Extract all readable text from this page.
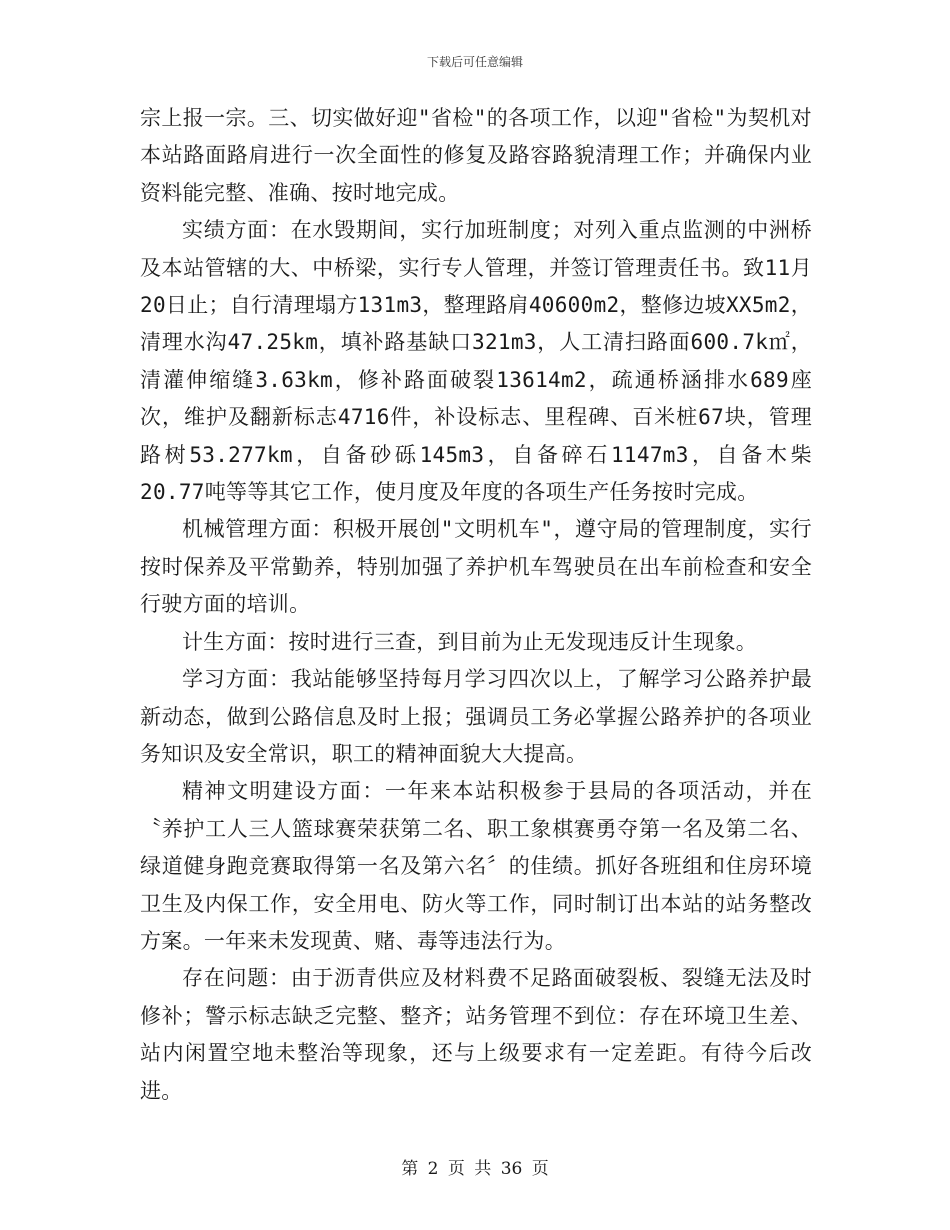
下载后可任意编辑

宗上报一宗。三、切实做好迎"省检"的各项工作，以迎"省检"为契机对本站路面路肩进行一次全面性的修复及路容路貌清理工作；并确保内业资料能完整、准确、按时地完成。

实绩方面：在水毁期间，实行加班制度；对列入重点监测的中洲桥及本站管辖的大、中桥梁，实行专人管理，并签订管理责任书。致11月20日止；自行清理塌方131m3，整理路肩40600m2，整修边坡XX5m2，清理水沟47.25km，填补路基缺口321m3，人工清扫路面600.7k㎡，清灌伸缩缝3.63km，修补路面破裂13614m2，疏通桥涵排水689座次，维护及翻新标志4716件，补设标志、里程碑、百米桩67块，管理路树53.277km，自备砂砾145m3，自备碎石1147m3，自备木柴20.77吨等等其它工作，使月度及年度的各项生产任务按时完成。

机械管理方面：积极开展创"文明机车"，遵守局的管理制度，实行按时保养及平常勤养，特别加强了养护机车驾驶员在出车前检查和安全行驶方面的培训。

计生方面：按时进行三查，到目前为止无发现违反计生现象。

学习方面：我站能够坚持每月学习四次以上，了解学习公路养护最新动态，做到公路信息及时上报；强调员工务必掌握公路养护的各项业务知识及安全常识，职工的精神面貌大大提高。

精神文明建设方面：一年来本站积极参于县局的各项活动，并在〝养护工人三人篮球赛荣获第二名、职工象棋赛勇夺第一名及第二名、绿道健身跑竞赛取得第一名及第六名〞的佳绩。抓好各班组和住房环境卫生及内保工作，安全用电、防火等工作，同时制订出本站的站务整改方案。一年来未发现黄、赌、毒等违法行为。

存在问题：由于沥青供应及材料费不足路面破裂板、裂缝无法及时修补；警示标志缺乏完整、整齐；站务管理不到位：存在环境卫生差、站内闲置空地未整治等现象，还与上级要求有一定差距。有待今后改进。

第 2 页 共 36 页
